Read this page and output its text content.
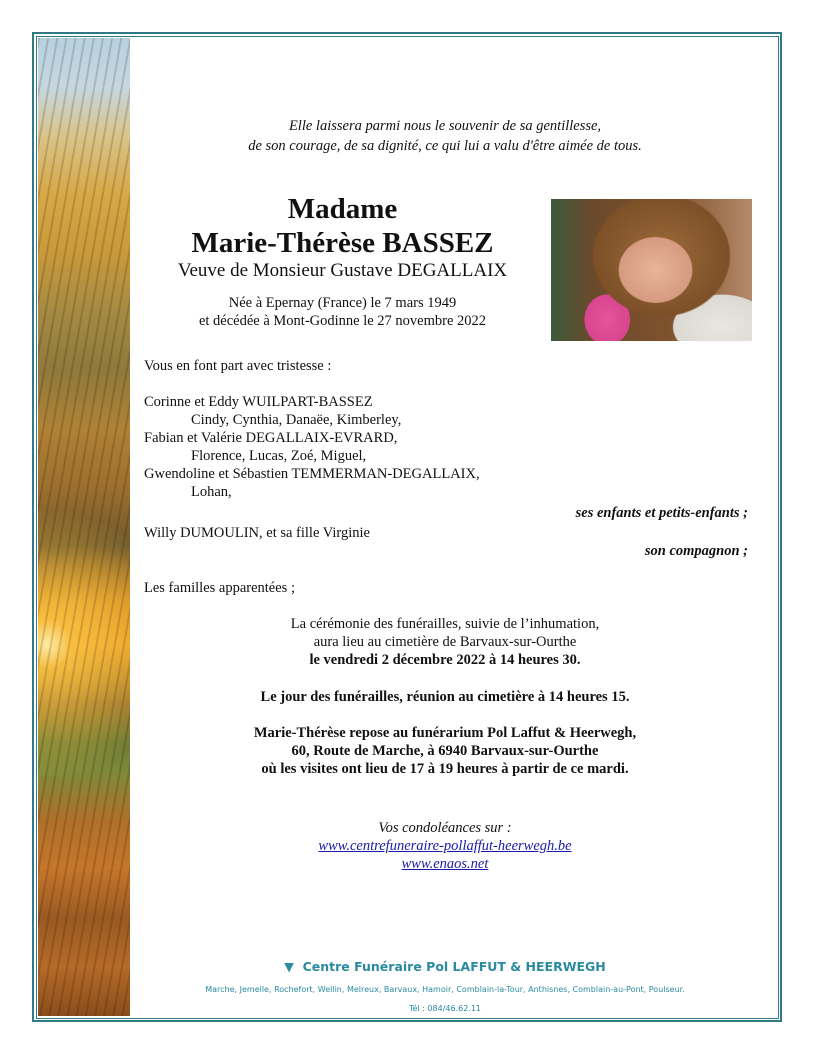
Elle laissera parmi nous le souvenir de sa gentillesse,
de son courage, de sa dignité, ce qui lui a valu d'être aimée de tous.
Madame
Marie-Thérèse BASSEZ
Veuve de Monsieur Gustave DEGALLAIX
Née à Epernay (France) le 7 mars 1949
et décédée à Mont-Godinne le 27 novembre 2022
Vous en font part avec tristesse :
Corinne et Eddy WUILPART-BASSEZ
Cindy, Cynthia, Danaëe, Kimberley,
Fabian et Valérie DEGALLAIX-EVRARD,
Florence, Lucas, Zoé, Miguel,
Gwendoline et Sébastien TEMMERMAN-DEGALLAIX,
Lohan,
ses enfants et petits-enfants ;
Willy DUMOULIN, et sa fille Virginie
son compagnon ;
Les familles apparentées ;
La cérémonie des funérailles, suivie de l’inhumation,
aura lieu au cimetière de Barvaux-sur-Ourthe
le vendredi 2 décembre 2022 à 14 heures 30.
Le jour des funérailles, réunion au cimetière à 14 heures 15.
Marie-Thérèse repose au funérarium Pol Laffut & Heerwegh,
60, Route de Marche, à 6940 Barvaux-sur-Ourthe
où les visites ont lieu de 17 à 19 heures à partir de ce mardi.
Vos condoléances sur :
www.centrefuneraire-pollaffut-heerwegh.be
www.enaos.net
▼ Centre Funéraire Pol LAFFUT & HEERWEGH
Marche, Jemelle, Rochefort, Wellin, Melreux, Barvaux, Hamoir, Comblain-la-Tour, Anthisnes, Comblain-au-Pont, Poulseur.
Tél : 084/46.62.11
